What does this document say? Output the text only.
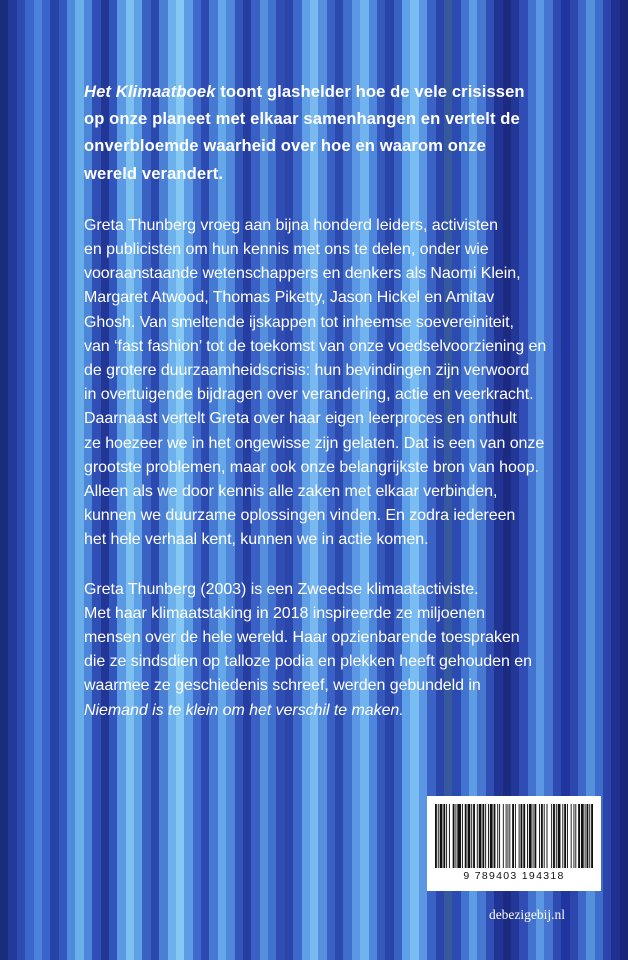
Het Klimaatboek toont glashelder hoe de vele crisissen
op onze planeet met elkaar samenhangen en vertelt de
onverbloemde waarheid over hoe en waarom onze
wereld verandert.

Greta Thunberg vroeg aan bijna honderd leiders, activisten

en publicisten om hun kennis met ons te delen, onder wie

vooraanstaande wetenschappers en denkers als Naomi Klein,

Margaret Atwood, Thomas Piketty, Jason Hickel en Amitav

Ghosh. Van smeltende ijskappen tot inheemse soevereiniteit,

van ‘fast fashion’ tot de toekomst van onze voedselvoorziening en

de grotere duurzaamheidscrisis: hun bevindingen zijn verwoord

in overtuigende bijdragen over verandering, actie en veerkracht.

Daarnaast vertelt Greta over haar eigen leerproces en onthult

ze hoezeer we in het ongewisse zijn gelaten. Dat is een van onze

grootste problemen, maar ook onze belangrijkste bron van hoop.

Alleen als we door kennis alle zaken met elkaar verbinden,

kunnen we duurzame oplossingen vinden. En zodra iedereen

het hele verhaal kent, kunnen we in actie komen.

Greta Thunberg (2003) is een Zweedse klimaatactiviste.

Met haar klimaatstaking in 2018 inspireerde ze miljoenen

mensen over de hele wereld. Haar opzienbarende toespraken

die ze sindsdien op talloze podia en plekken heeft gehouden en

waarmee ze geschiedenis schreef, werden gebundeld in

Niemand is te klein om het verschil te maken.

9 789403 194318
debezigebij.nl
